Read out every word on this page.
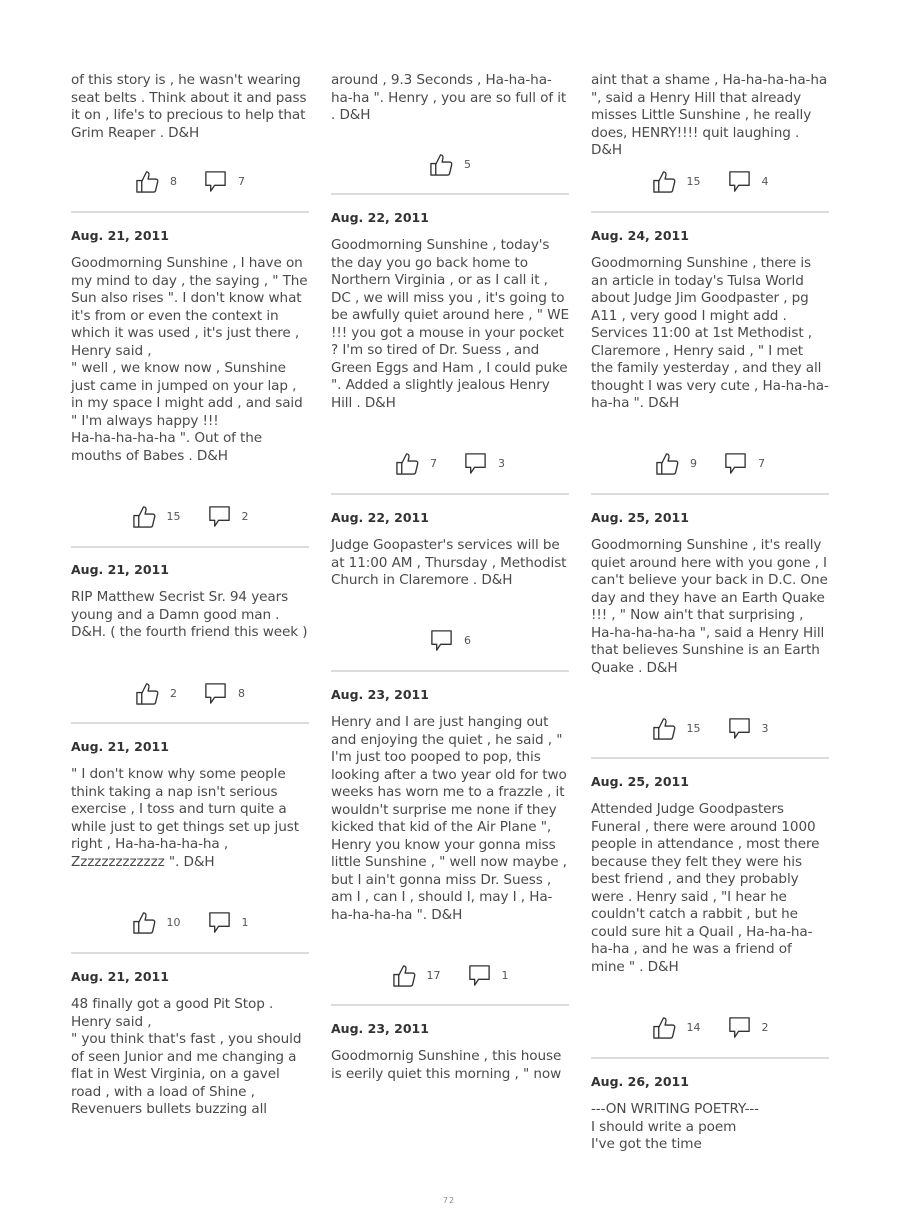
of this story is , he wasn't wearing seat belts . Think about it and pass it on , life's to precious to help that Grim Reaper . D&H
8	7
Aug. 21, 2011
Goodmorning Sunshine , I have on my mind to day , the saying , " The Sun also rises ". I don't know what it's from or even the context in which it was used , it's just there , Henry said ,
" well , we know now , Sunshine just came in jumped on your lap , in my space I might add , and said " I'm always happy !!!
Ha-ha-ha-ha-ha ". Out of the mouths of Babes . D&H
15	2
Aug. 21, 2011
RIP Matthew Secrist Sr. 94 years young and a Damn good man . D&H. ( the fourth friend this week )
2	8
Aug. 21, 2011
" I don't know why some people think taking a nap isn't serious exercise , I toss and turn quite a while just to get things set up just right , Ha-ha-ha-ha-ha , Zzzzzzzzzzzzz ". D&H
10	1
Aug. 21, 2011
48 finally got a good Pit Stop . Henry said ,
" you think that's fast , you should of seen Junior and me changing a flat in West Virginia, on a gavel road , with a load of Shine , Revenuers bullets buzzing all
around , 9.3 Seconds , Ha-ha-ha-ha-ha ". Henry , you are so full of it . D&H
5
Aug. 22, 2011
Goodmorning Sunshine , today's the day you go back home to Northern Virginia , or as I call it , DC , we will miss you , it's going to be awfully quiet around here , " WE !!! you got a mouse in your pocket ? I'm so tired of Dr. Suess , and Green Eggs and Ham , I could puke ". Added a slightly jealous Henry Hill . D&H
7	3
Aug. 22, 2011
Judge Goopaster's services will be at 11:00 AM , Thursday , Methodist Church in Claremore . D&H
6
Aug. 23, 2011
Henry and I are just hanging out and enjoying the quiet , he said , " I'm just too pooped to pop, this looking after a two year old for two weeks has worn me to a frazzle , it wouldn't surprise me none if they kicked that kid of the Air Plane ", Henry you know your gonna miss little Sunshine , " well now maybe , but I ain't gonna miss Dr. Suess , am I , can I , should I, may I , Ha-ha-ha-ha-ha ". D&H
17	1
Aug. 23, 2011
Goodmornig Sunshine , this house is eerily quiet this morning , " now
aint that a shame , Ha-ha-ha-ha-ha ", said a Henry Hill that already misses Little Sunshine , he really does, HENRY!!!! quit laughing . D&H
15	4
Aug. 24, 2011
Goodmorning Sunshine , there is an article in today's Tulsa World about Judge Jim Goodpaster , pg A11 , very good I might add . Services 11:00 at 1st Methodist , Claremore , Henry said , " I met the family yesterday , and they all thought I was very cute , Ha-ha-ha-ha-ha ". D&H
9	7
Aug. 25, 2011
Goodmorning Sunshine , it's really quiet around here with you gone , I can't believe your back in D.C. One day and they have an Earth Quake !!! , " Now ain't that surprising , Ha-ha-ha-ha-ha ", said a Henry Hill that believes Sunshine is an Earth Quake . D&H
15	3
Aug. 25, 2011
Attended Judge Goodpasters Funeral , there were around 1000 people in attendance , most there because they felt they were his best friend , and they probably were . Henry said , "I hear he couldn't catch a rabbit , but he could sure hit a Quail , Ha-ha-ha-ha-ha , and he was a friend of mine " . D&H
14	2
Aug. 26, 2011
---ON WRITING POETRY---
I should write a poem
I've got the time
72
